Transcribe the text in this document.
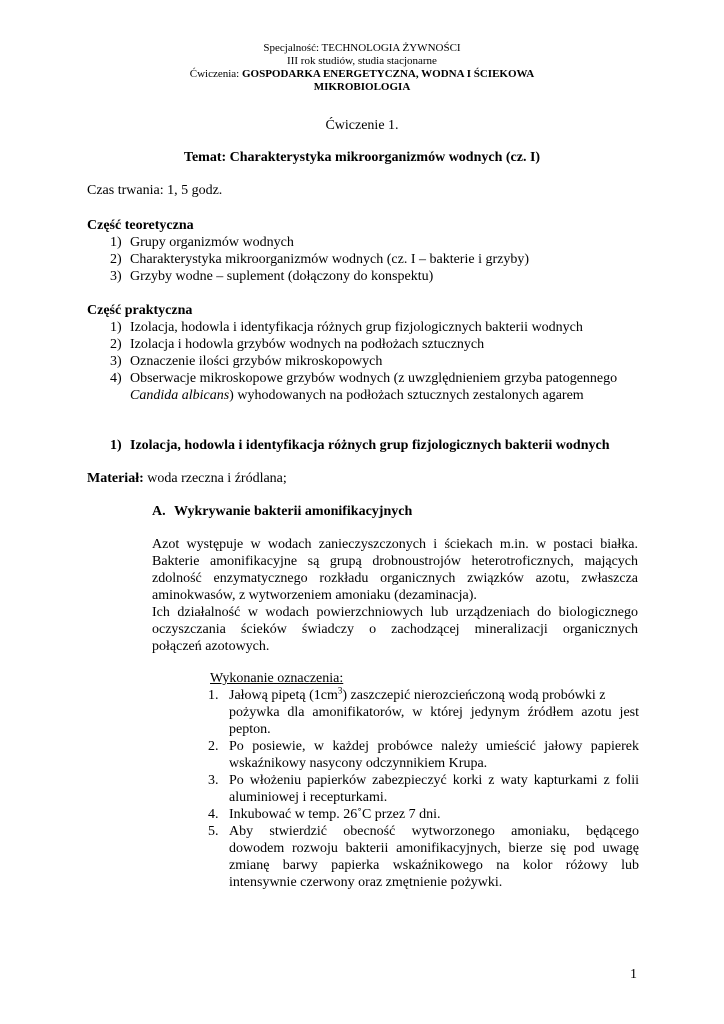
Specjalność: TECHNOLOGIA ŻYWNOŚCI
III rok studiów, studia stacjonarne
Ćwiczenia: GOSPODARKA ENERGETYCZNA, WODNA I ŚCIEKOWA
MIKROBIOLOGIA
Ćwiczenie 1.
Temat: Charakterystyka mikroorganizmów wodnych (cz. I)
Czas trwania: 1, 5 godz.
Część teoretyczna
1) Grupy organizmów wodnych
2) Charakterystyka mikroorganizmów wodnych (cz. I – bakterie i grzyby)
3) Grzyby wodne – suplement (dołączony do konspektu)
Część praktyczna
1) Izolacja, hodowla i identyfikacja różnych grup fizjologicznych bakterii wodnych
2) Izolacja i hodowla grzybów wodnych na podłożach sztucznych
3) Oznaczenie ilości grzybów mikroskopowych
4) Obserwacje mikroskopowe grzybów wodnych (z uwzględnieniem grzyba patogennego
Candida albicans) wyhodowanych na podłożach sztucznych zestalonych agarem
1) Izolacja, hodowla i identyfikacja różnych grup fizjologicznych bakterii wodnych
Materiał: woda rzeczna i źródlana;
A. Wykrywanie bakterii amonifikacyjnych
Azot występuje w wodach zanieczyszczonych i ściekach m.in. w postaci białka.
Bakterie amonifikacyjne są grupą drobnoustrojów heterotroficznych, mających
zdolność enzymatycznego rozkładu organicznych związków azotu, zwłaszcza
aminokwasów, z wytworzeniem amoniaku (dezaminacja).
Ich działalność w wodach powierzchniowych lub urządzeniach do biologicznego
oczyszczania ścieków świadczy o zachodzącej mineralizacji organicznych
połączeń azotowych.
Wykonanie oznaczenia:
1. Jałową pipetą $(1cm^3)$ zaszczepić nierozcieńczoną wodą probówki z
pożywka dla amonifikatorów, w której jedynym źródłem azotu jest
pepton.
2. Po posiewie, w każdej probówce należy umieścić jałowy papierek
wskaźnikowy nasycony odczynnikiem Krupa.
3. Po włożeniu papierków zabezpieczyć korki z waty kapturkami z folii
aluminiowej i recepturkami.
4. Inkubować w temp. 26˚C przez 7 dni.
5. Aby stwierdzić obecność wytworzonego amoniaku, będącego
dowodem rozwoju bakterii amonifikacyjnych, bierze się pod uwagę
zmianę barwy papierka wskaźnikowego na kolor różowy lub
intensywnie czerwony oraz zmętnienie pożywki.
1
